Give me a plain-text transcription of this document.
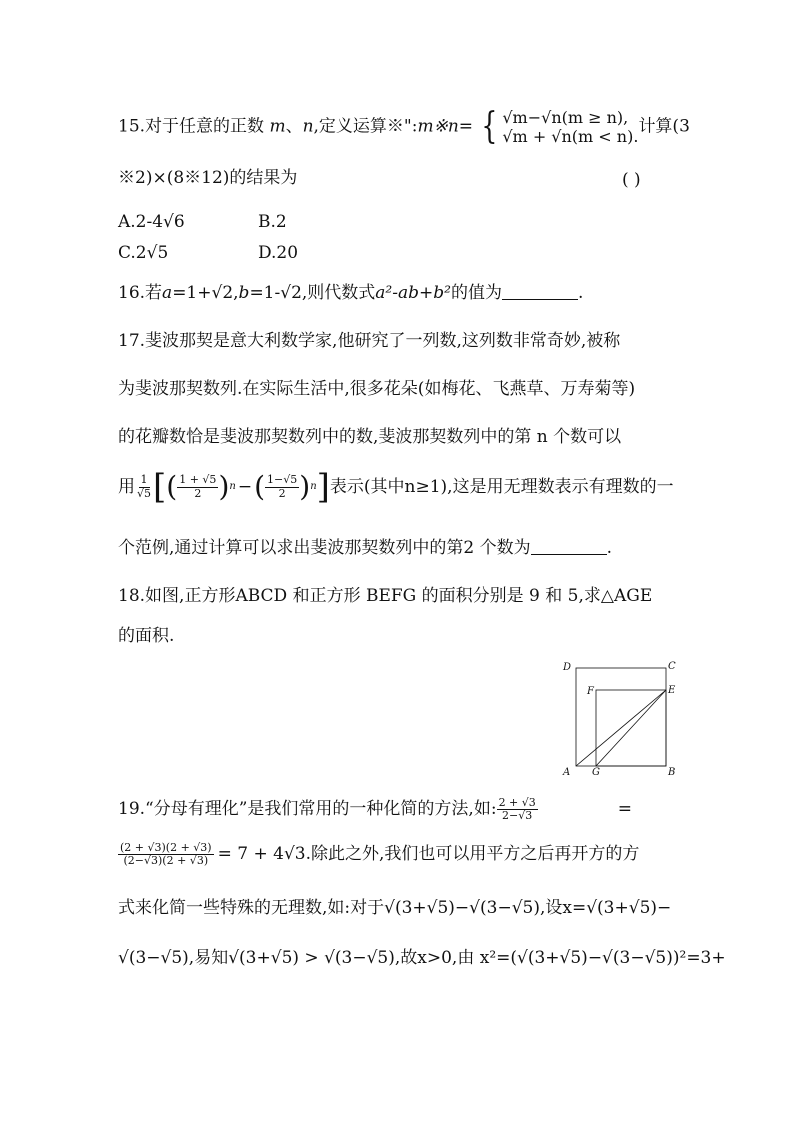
15.对于任意的正数 m、n,定义运算※":m※n= { √m−√n(m ≥ n),
√m + √n(m < n). 计算(3
※2)×(8※12)的结果为	( )
A.2-4√6	B.2
C.2√5	D.20
16.若a=1+√2,b=1-√2,则代数式a²-ab+b²的值为	.
17.斐波那契是意大利数学家,他研究了一列数,这列数非常奇妙,被称
为斐波那契数列.在实际生活中,很多花朵(如梅花、飞燕草、万寿菊等)
的花瓣数恰是斐波那契数列中的数,斐波那契数列中的第 n 个数可以
用 $\frac{1}{√5}$ [ ( $\frac{1 + √5}{2}$ ) n − ( $\frac{1-√5}{2}$ ) n ] 表示(其中n≥1),这是用无理数表示有理数的一
个范例,通过计算可以求出斐波那契数列中的第2 个数为	.
18.如图,正方形ABCD 和正方形 BEFG 的面积分别是 9 和 5,求△AGE
的面积.
D	C
E
F
A G	B
19.“分母有理化”是我们常用的一种化简的方法,如: $\frac{2 + √3}{2-√3}$	=
$\frac{(2 + √3)(2 + √3)}{(2-√3)(2 + √3)} = 7 + 4√3$.除此之外,我们也可以用平方之后再开方的方
式来化简一些特殊的无理数,如:对于√(3+√5)−√(3−√5),设x=√(3+√5)−
√(3−√5),易知√(3+√5) > √(3−√5),故x>0,由 x²=(√(3+√5)−√(3−√5))²=3+
